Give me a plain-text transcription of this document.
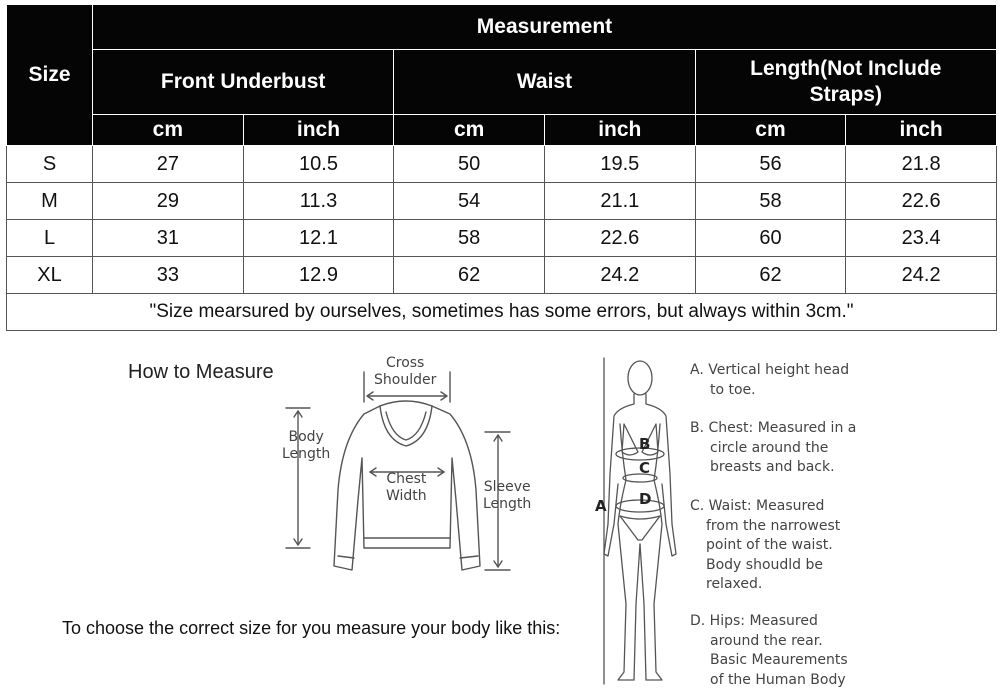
Size	Measurement					
	Front Underbust		Waist		Length(Not Include Straps)	
	cm	inch	cm	inch	cm	inch
S	27	10.5	50	19.5	56	21.8
M	29	11.3	54	21.1	58	22.6
L	31	12.1	58	22.6	60	23.4
XL	33	12.9	62	24.2	62	24.2
"Size mearsured by ourselves, sometimes has some errors, but always within 3cm."						
How to Measure	Cross
Shoulder
Body
Length
Chest
Width
Sleeve
Length
To choose the correct size for you measure your body like this:
B
C
D
A
A. Vertical height head
to toe.
B. Chest: Measured in a
circle around the
breasts and back.
C. Waist: Measured
from the narrowest
point of the waist.
Body shoudld be
relaxed.
D. Hips: Measured
around the rear.
Basic Meaurements
of the Human Body
